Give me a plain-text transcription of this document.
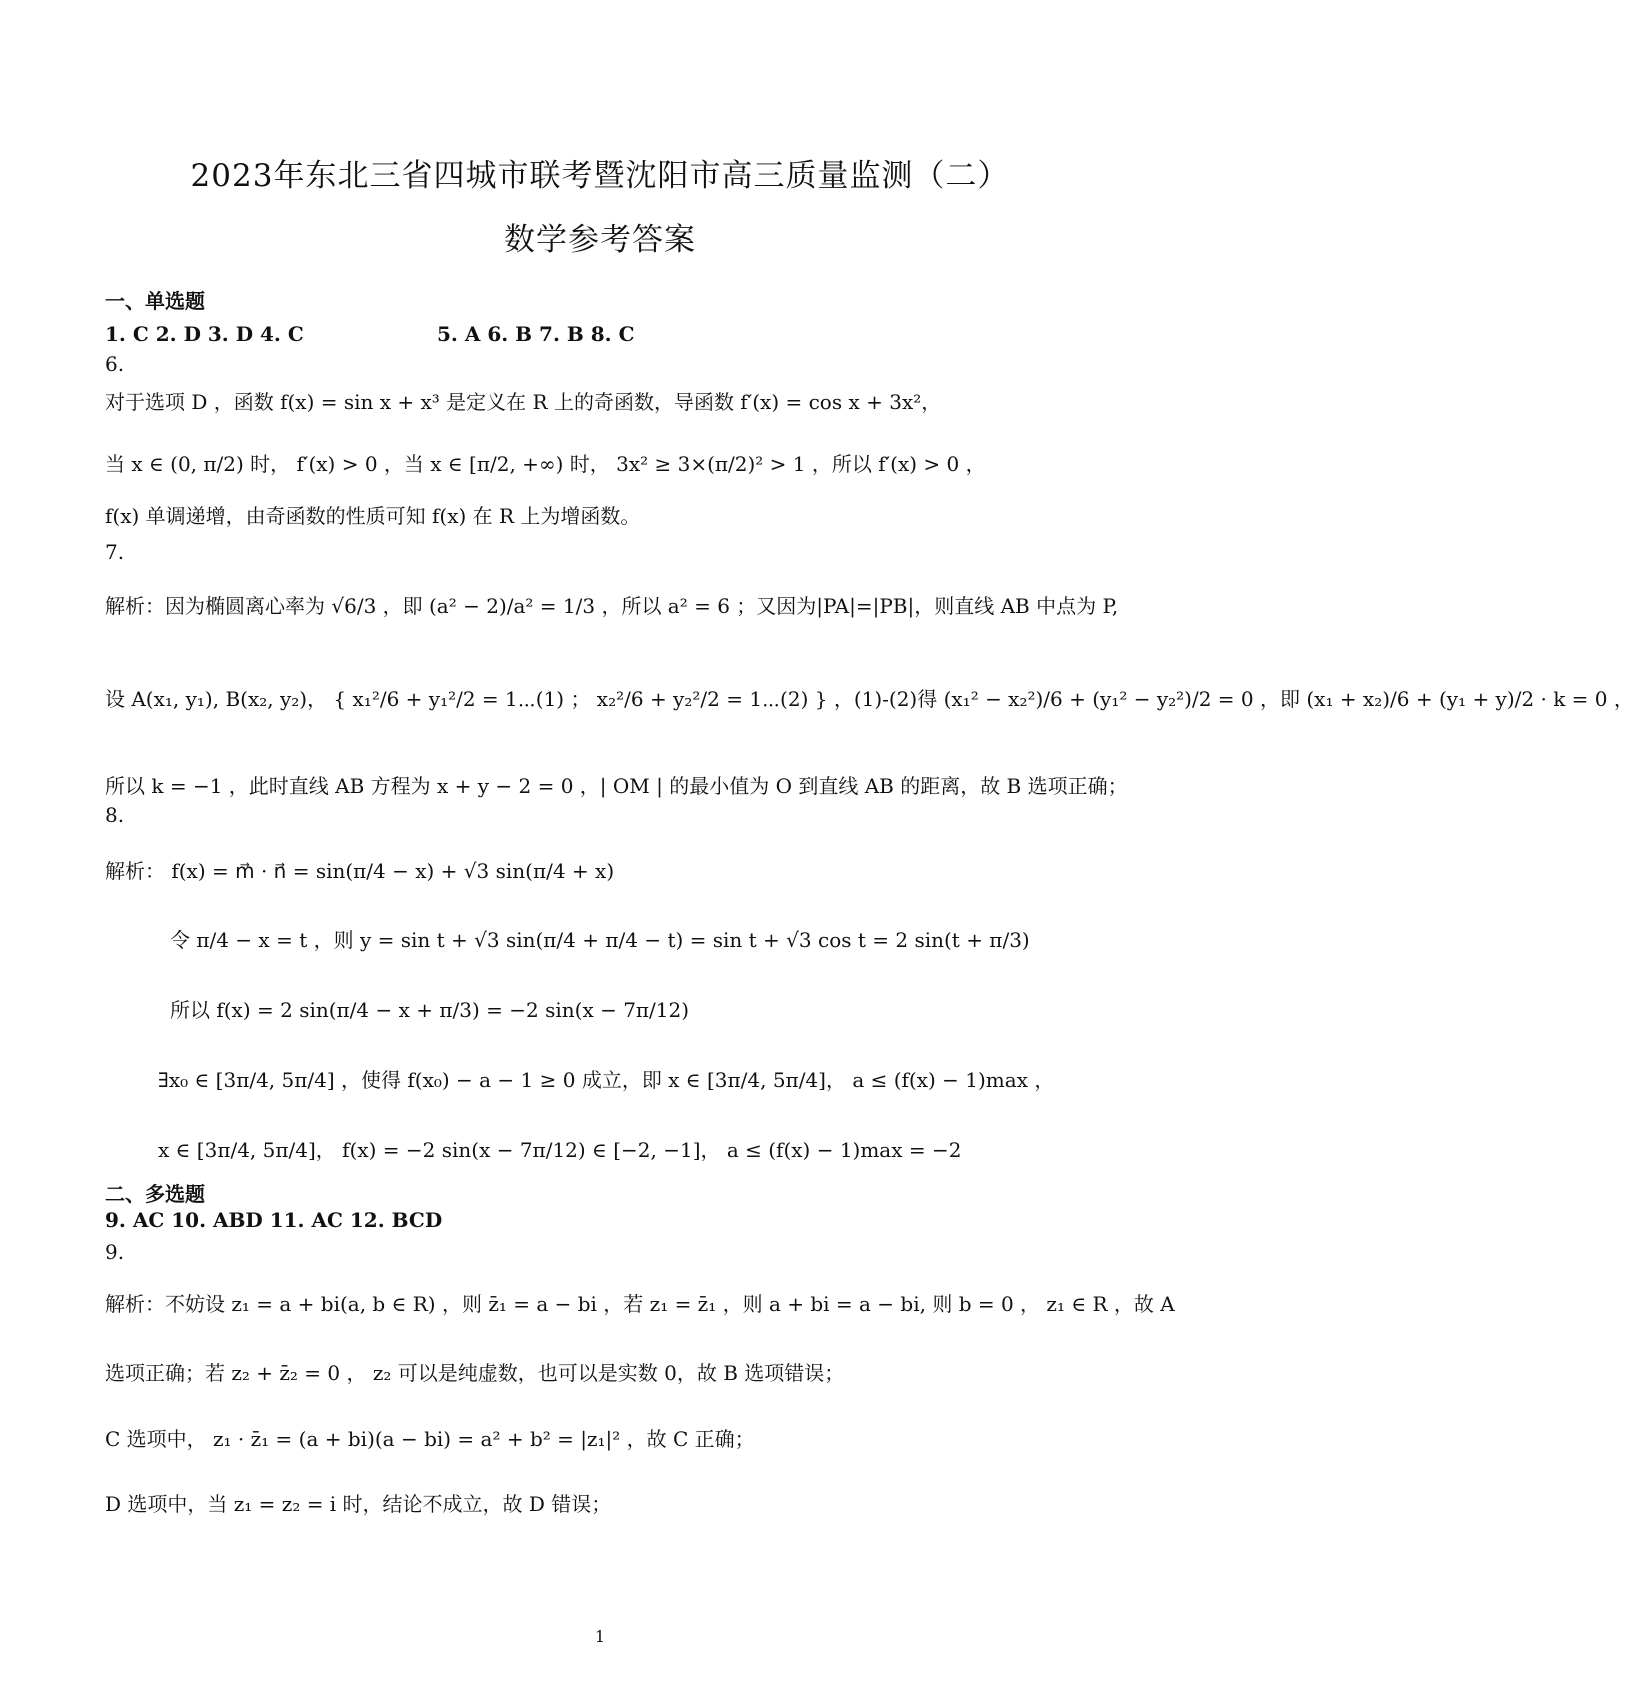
2023年东北三省四城市联考暨沈阳市高三质量监测（二）
数学参考答案
一、单选题
1. C 2. D 3. D 4. C	5. A 6. B 7. B 8. C
6.
对于选项 D ，函数 f(x) = sin x + x³ 是定义在 R 上的奇函数，导函数 f′(x) = cos x + 3x²，
当 x ∈ (0, π/2) 时， f′(x) > 0 ，当 x ∈ [π/2, +∞) 时， 3x² ≥ 3×(π/2)² > 1 ，所以 f′(x) > 0 ，
f(x) 单调递增，由奇函数的性质可知 f(x) 在 R 上为增函数。
7.
解析：因为椭圆离心率为 √6/3 ，即 (a² − 2)/a² = 1/3 ，所以 a² = 6 ；又因为|PA|=|PB|，则直线 AB 中点为 P,
设 A(x₁, y₁), B(x₂, y₂)， { x₁²/6 + y₁²/2 = 1⋯(1) ； x₂²/6 + y₂²/2 = 1⋯(2) } ，(1)-(2)得 (x₁² − x₂²)/6 + (y₁² − y₂²)/2 = 0 ，即 (x₁ + x₂)/6 + (y₁ + y)/2 · k = 0 ，
所以 k = −1 ，此时直线 AB 方程为 x + y − 2 = 0 ，| OM | 的最小值为 O 到直线 AB 的距离，故 B 选项正确；
8.
解析： f(x) = m⃗ · n⃗ = sin(π/4 − x) + √3 sin(π/4 + x)
令 π/4 − x = t ，则 y = sin t + √3 sin(π/4 + π/4 − t) = sin t + √3 cos t = 2 sin(t + π/3)
所以 f(x) = 2 sin(π/4 − x + π/3) = −2 sin(x − 7π/12)
∃x₀ ∈ [3π/4, 5π/4] ，使得 f(x₀) − a − 1 ≥ 0 成立，即 x ∈ [3π/4, 5π/4]， a ≤ (f(x) − 1)max ，
x ∈ [3π/4, 5π/4]， f(x) = −2 sin(x − 7π/12) ∈ [−2, −1]， a ≤ (f(x) − 1)max = −2
二、多选题
9. AC 10. ABD 11. AC 12. BCD
9.
解析：不妨设 z₁ = a + bi(a, b ∈ R) ，则 z̄₁ = a − bi ，若 z₁ = z̄₁ ，则 a + bi = a − bi, 则 b = 0 ， z₁ ∈ R ，故 A
选项正确；若 z₂ + z̄₂ = 0 ， z₂ 可以是纯虚数，也可以是实数 0，故 B 选项错误；
C 选项中， z₁ · z̄₁ = (a + bi)(a − bi) = a² + b² = |z₁|² ，故 C 正确；
D 选项中，当 z₁ = z₂ = i 时，结论不成立，故 D 错误；
1
